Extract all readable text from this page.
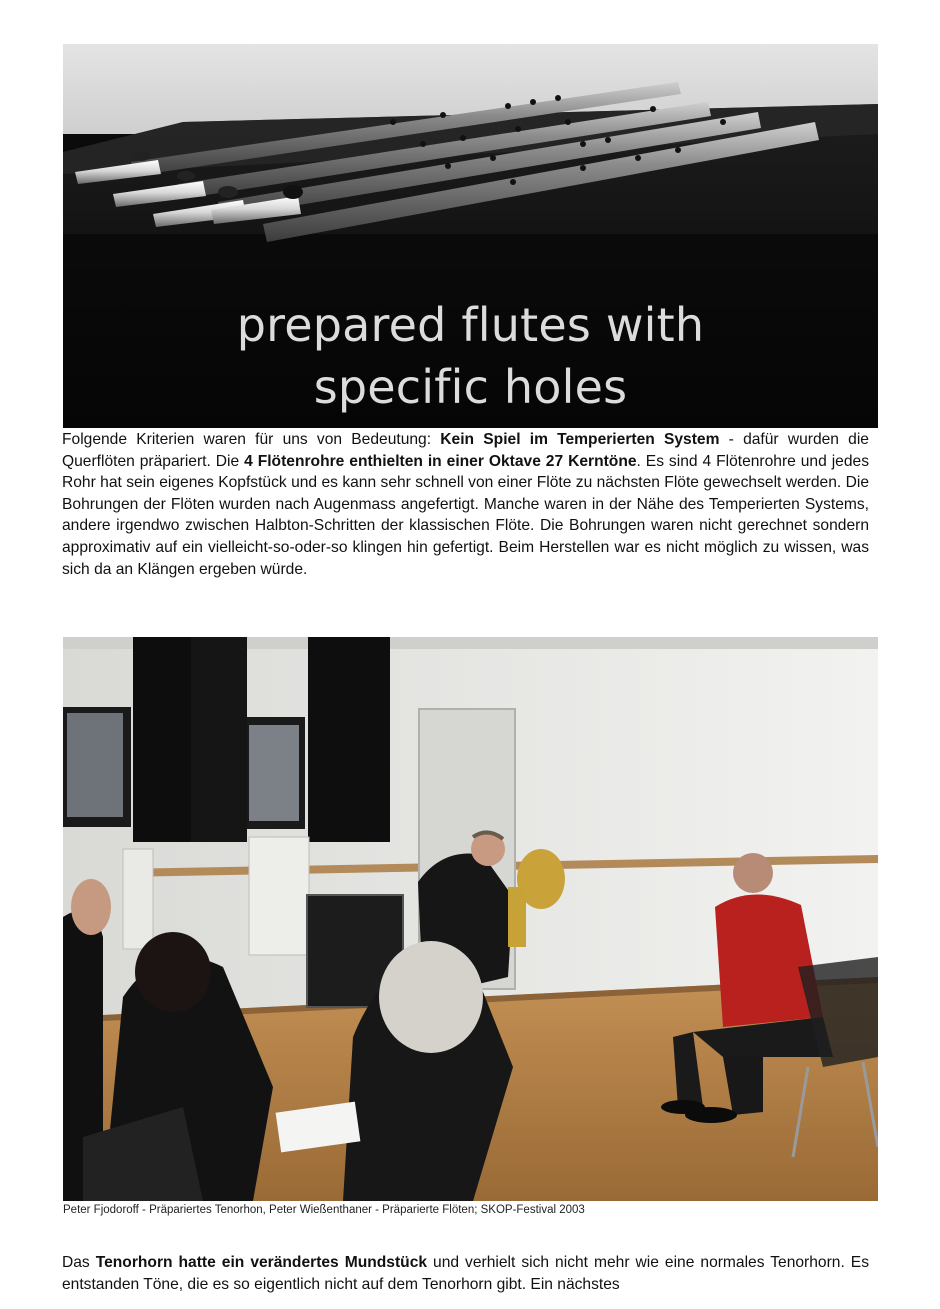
prepared flutes with
specific holes
Folgende Kriterien waren für uns von Bedeutung: Kein Spiel im Temperierten System - dafür wurden die Querflöten präpariert. Die 4 Flötenrohre enthielten in einer Oktave 27 Kerntöne. Es sind 4 Flötenrohre und jedes Rohr hat sein eigenes Kopfstück und es kann sehr schnell von einer Flöte zu nächsten Flöte gewechselt werden. Die Bohrungen der Flöten wurden nach Augenmass angefertigt. Manche waren in der Nähe des Temperierten Systems, andere irgendwo zwischen Halbton-Schritten der klassischen Flöte. Die Bohrungen waren nicht gerechnet sondern approximativ auf ein vielleicht-so-oder-so klingen hin gefertigt. Beim Herstellen war es nicht möglich zu wissen, was sich da an Klängen ergeben würde.
Peter Fjodoroff - Präpariertes Tenorhon, Peter Wießenthaner - Präparierte Flöten; SKOP-Festival 2003
Das Tenorhorn hatte ein verändertes Mundstück und verhielt sich nicht mehr wie eine normales Tenorhorn. Es entstanden Töne, die es so eigentlich nicht auf dem Tenorhorn gibt. Ein nächstes
